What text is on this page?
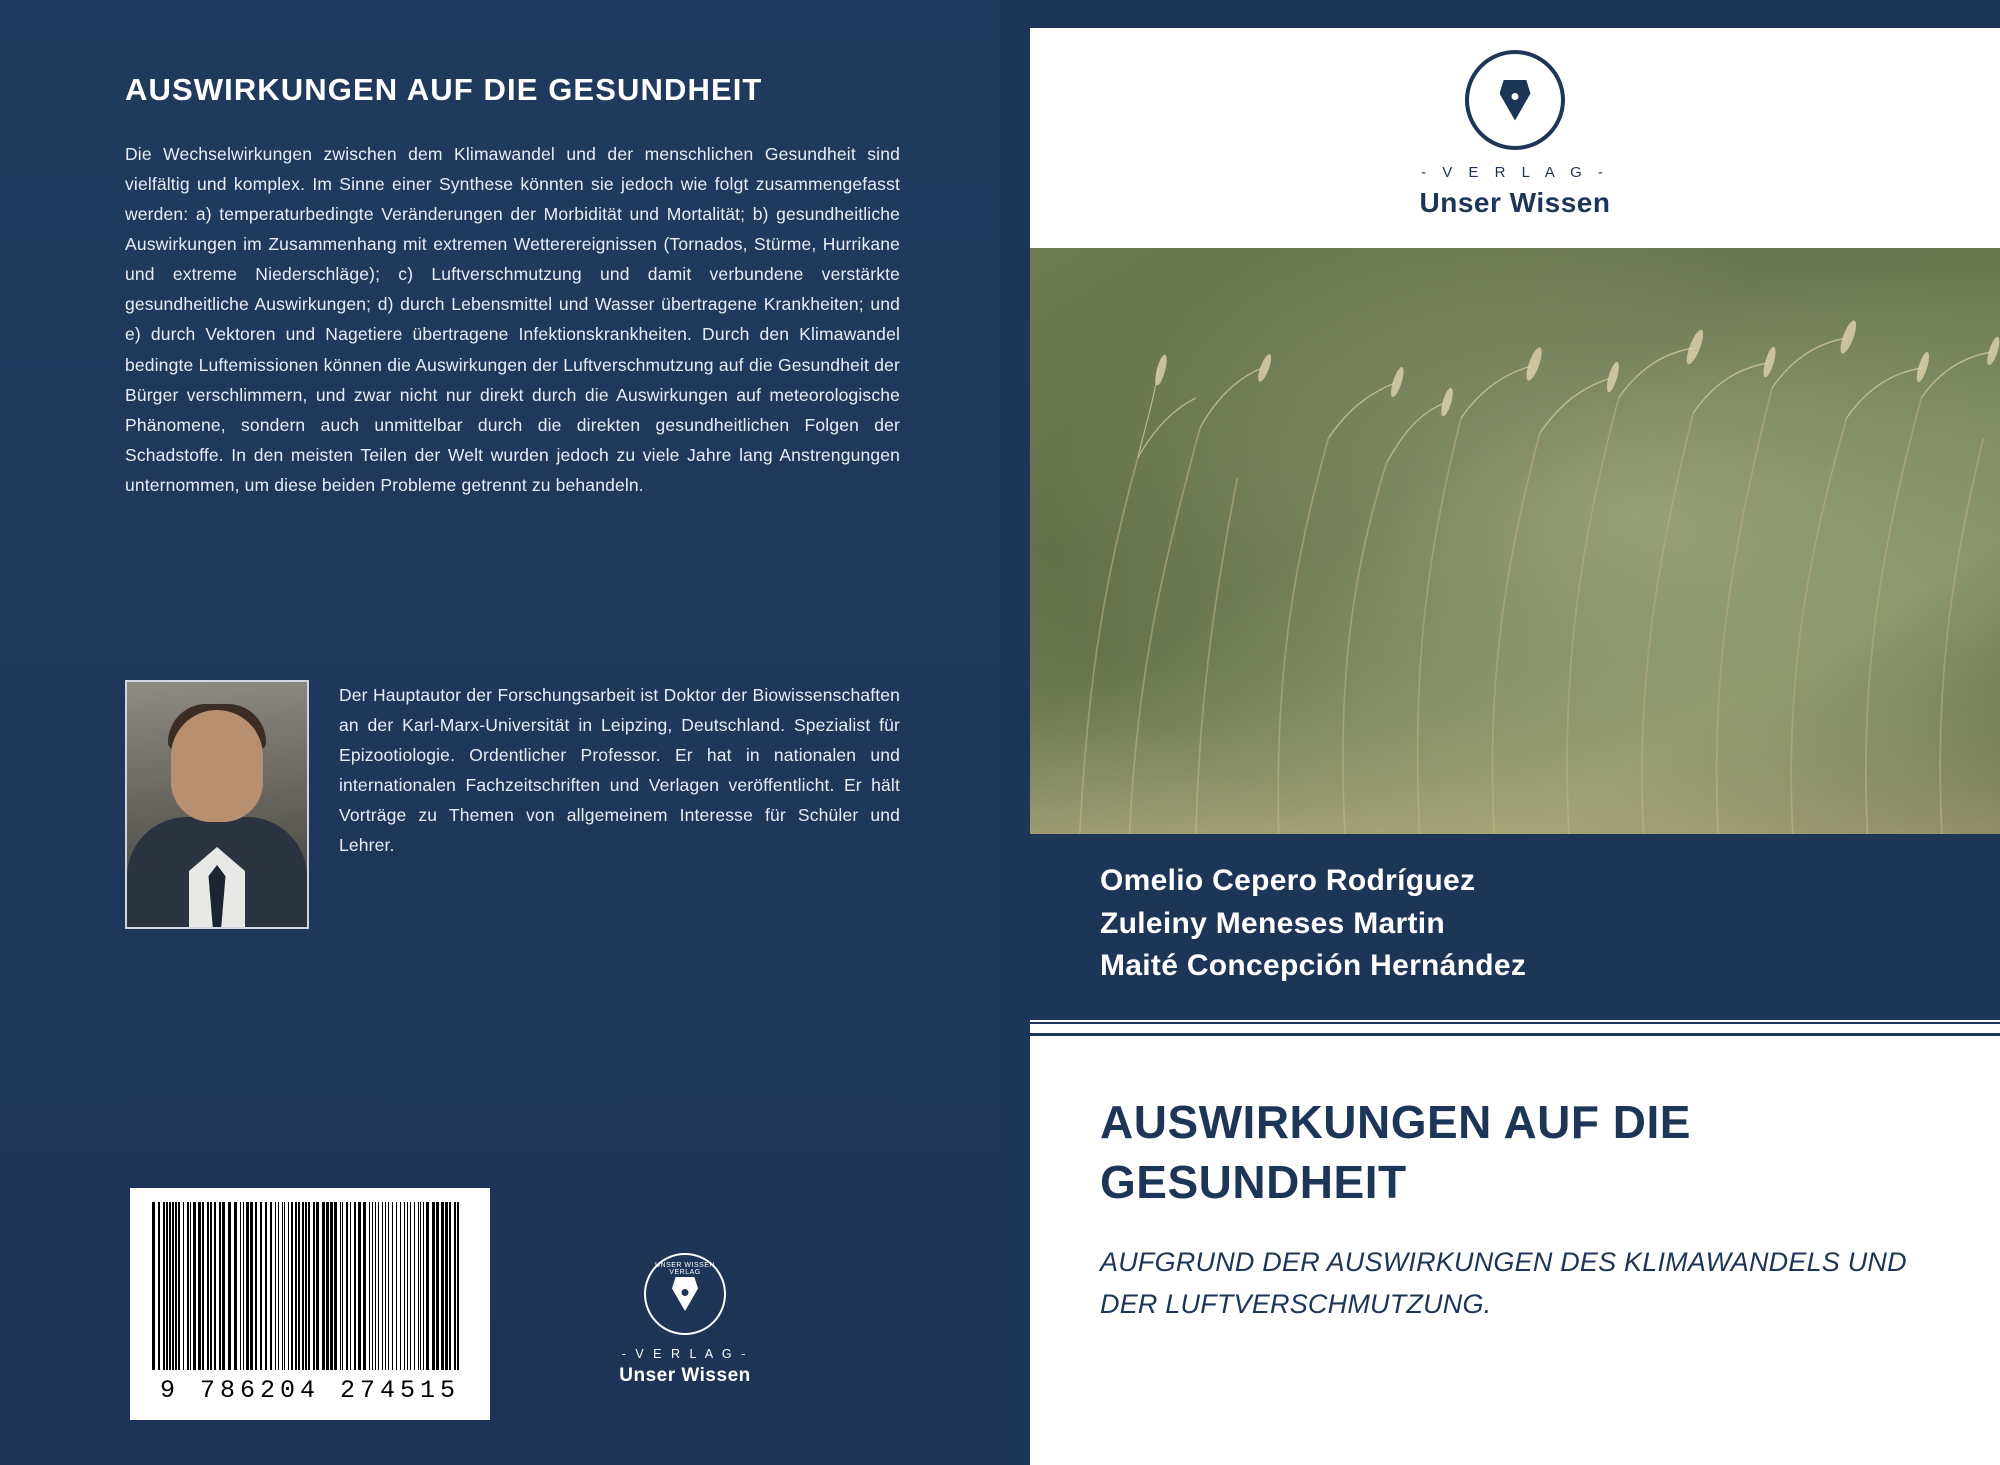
AUSWIRKUNGEN AUF DIE GESUNDHEIT

Die Wechselwirkungen zwischen dem Klimawandel und der menschlichen Gesundheit sind vielfältig und komplex. Im Sinne einer Synthese könnten sie jedoch wie folgt zusammengefasst werden: a) temperaturbedingte Veränderungen der Morbidität und Mortalität; b) gesundheitliche Auswirkungen im Zusammenhang mit extremen Wetterereignissen (Tornados, Stürme, Hurrikane und extreme Niederschläge); c) Luftverschmutzung und damit verbundene verstärkte gesundheitliche Auswirkungen; d) durch Lebensmittel und Wasser übertragene Krankheiten; und e) durch Vektoren und Nagetiere übertragene Infektionskrankheiten. Durch den Klimawandel bedingte Luftemissionen können die Auswirkungen der Luftverschmutzung auf die Gesundheit der Bürger verschlimmern, und zwar nicht nur direkt durch die Auswirkungen auf meteorologische Phänomene, sondern auch unmittelbar durch die direkten gesundheitlichen Folgen der Schadstoffe. In den meisten Teilen der Welt wurden jedoch zu viele Jahre lang Anstrengungen unternommen, um diese beiden Probleme getrennt zu behandeln.

Der Hauptautor der Forschungsarbeit ist Doktor der Biowissenschaften an der Karl-Marx-Universität in Leipzing, Deutschland. Spezialist für Epizootiologie. Ordentlicher Professor. Er hat in nationalen und internationalen Fachzeitschriften und Verlagen veröffentlicht. Er hält Vorträge zu Themen von allgemeinem Interesse für Schüler und Lehrer.
9 786204 274515
UNSER WISSEN VERLAG
- V E R L A G -
Unser Wissen
- V E R L A G -
Unser Wissen
Omelio Cepero Rodríguez
Zuleiny Meneses Martin
Maité Concepción Hernández
AUSWIRKUNGEN AUF DIE GESUNDHEIT

AUFGRUND DER AUSWIRKUNGEN DES KLIMAWANDELS UND DER LUFTVERSCHMUTZUNG.
